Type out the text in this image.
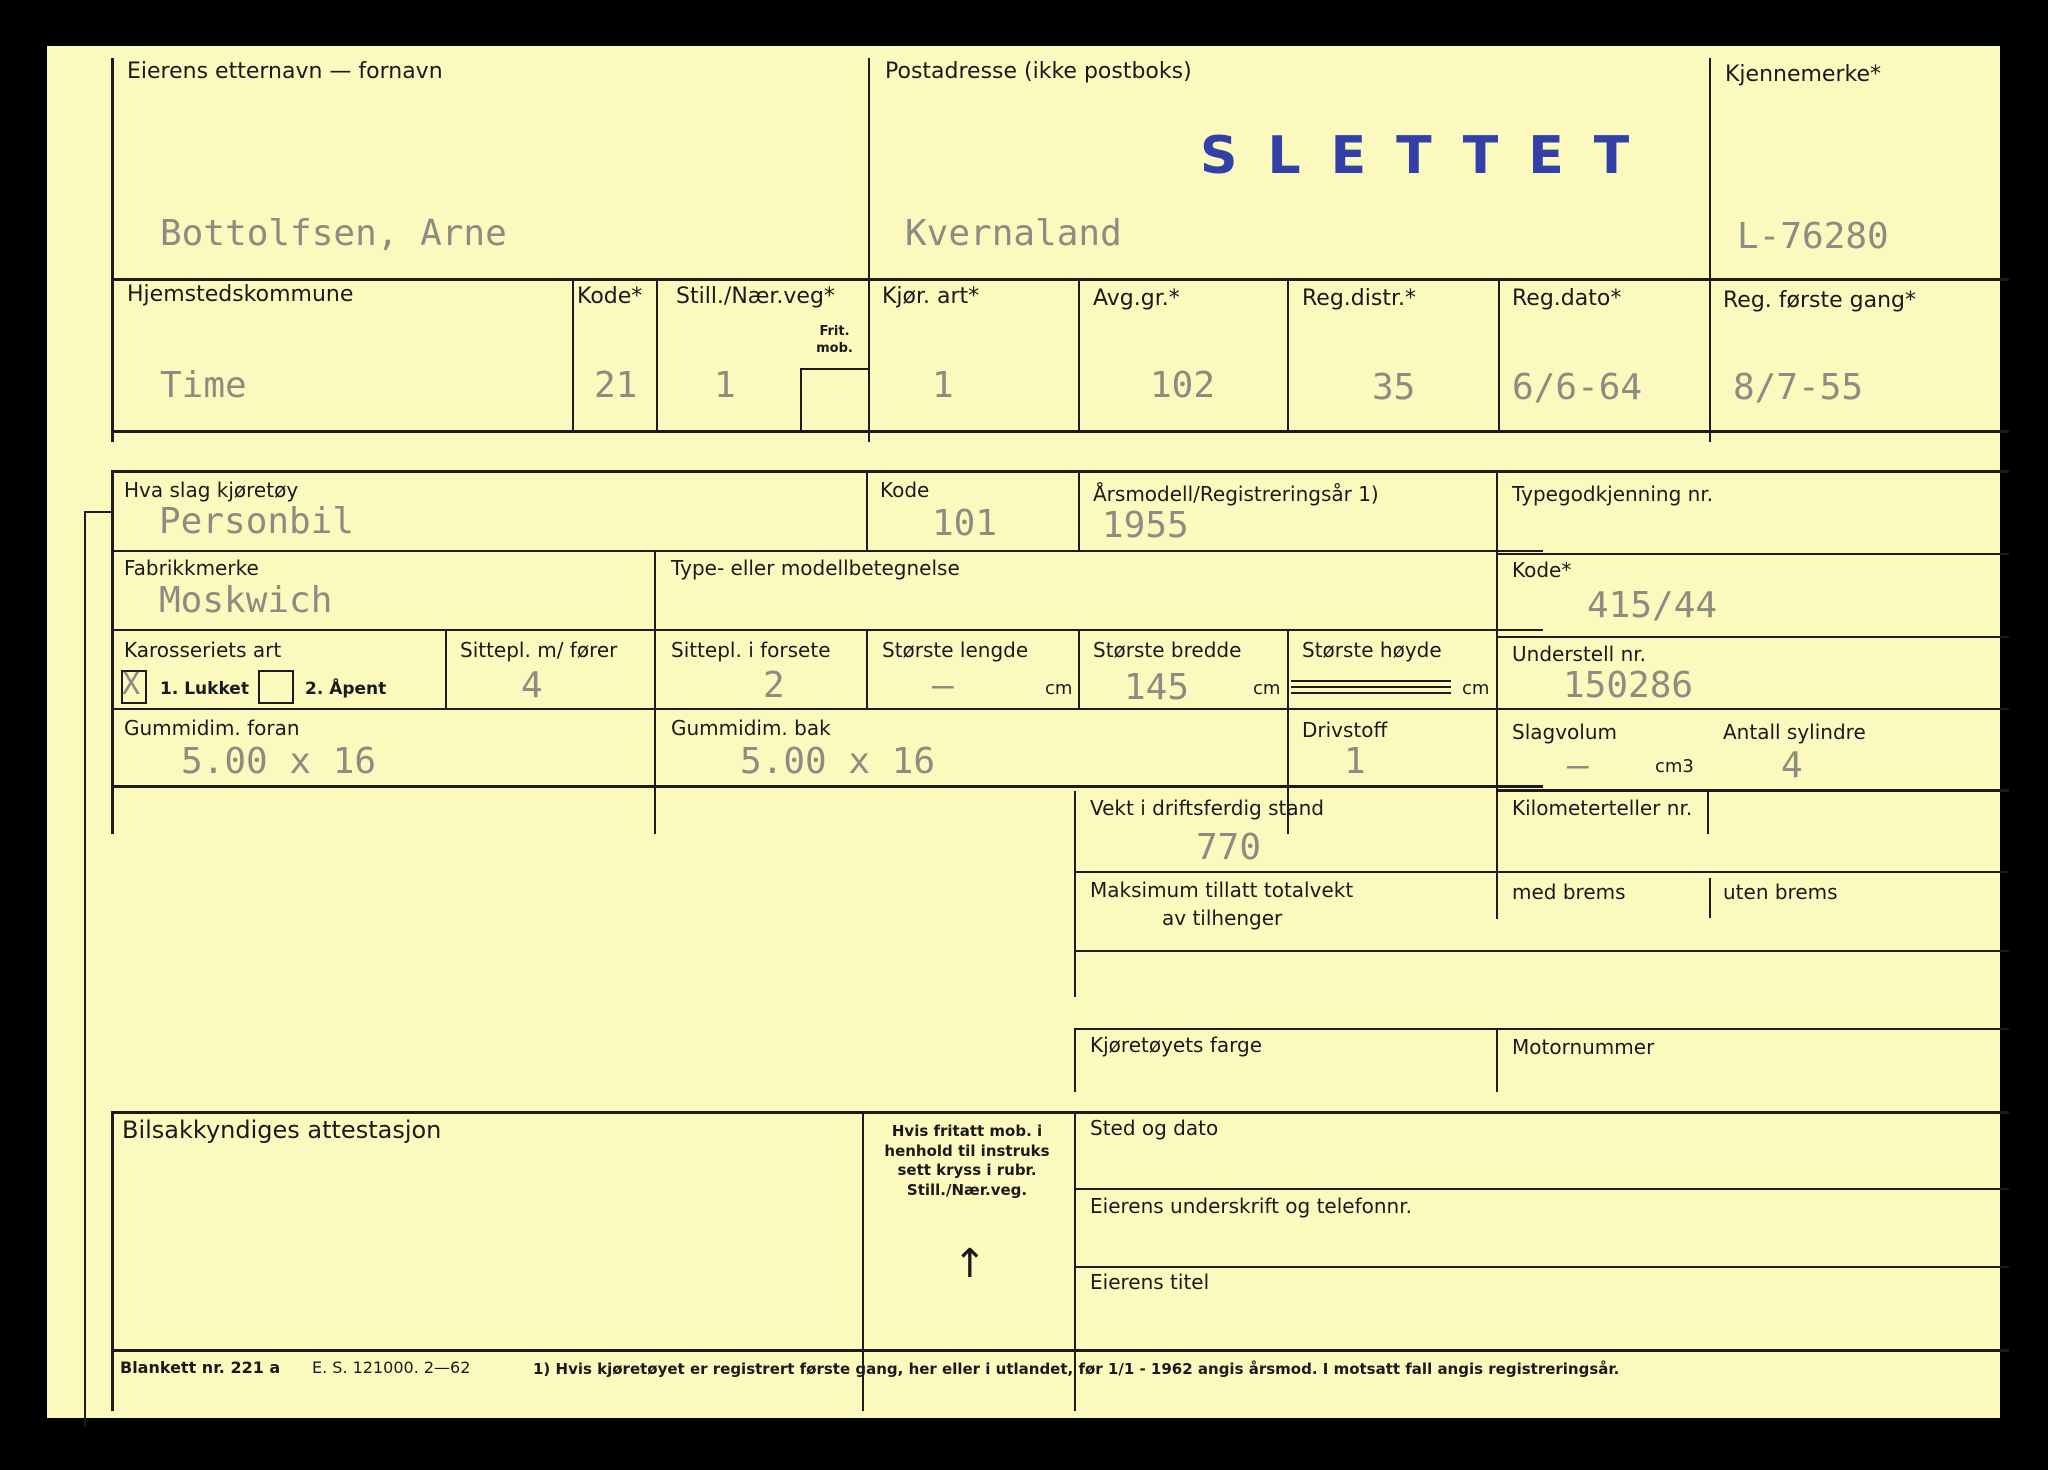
Eierens etternavn — fornavn
Bottolfsen, Arne
Postadresse (ikke postboks)
SLETTET
Kvernaland
Kjennemerke*
L-76280
Hjemstedskommune
Time
Kode*
21
Still./Nær.veg*
Frit. mob.
1
Kjør. art*
1
Avg.gr.*
102
Reg.distr.*
35
Reg.dato*
6/6-64
Reg. første gang*
8/7-55
Hva slag kjøretøy
Personbil
Kode
101
Årsmodell/Registreringsår 1)
1955
Typegodkjenning nr.
Fabrikkmerke
Moskwich
Type- eller modellbetegnelse	Kode*
415/44
Karosseriets art
X 1. Lukket	2. Åpent
Sittepl. m/ fører
4
Sittepl. i forsete
2
Største lengde
–	cm
Største bredde
145	cm
Største høyde
cm
Understell nr.
150286
Gummidim. foran
5.00 x 16
Gummidim. bak
5.00 x 16
Drivstoff
1
Slagvolum
–	cm3
Antall sylindre
4
Vekt i driftsferdig stand
770
Kilometerteller nr.
Maksimum tillatt totalvekt
av tilhenger
med brems	uten brems
Kjøretøyets farge	Motornummer
Bilsakkyndiges attestasjon	Hvis fritatt mob. i henhold til instruks sett kryss i rubr. Still./Nær.veg.
↑
Sted og dato
Eierens underskrift og telefonnr.
Eierens titel
Blankett nr. 221 a E. S. 121000. 2—62	1) Hvis kjøretøyet er registrert første gang, her eller i utlandet, før 1/1 - 1962 angis årsmod. I motsatt fall angis registreringsår.
